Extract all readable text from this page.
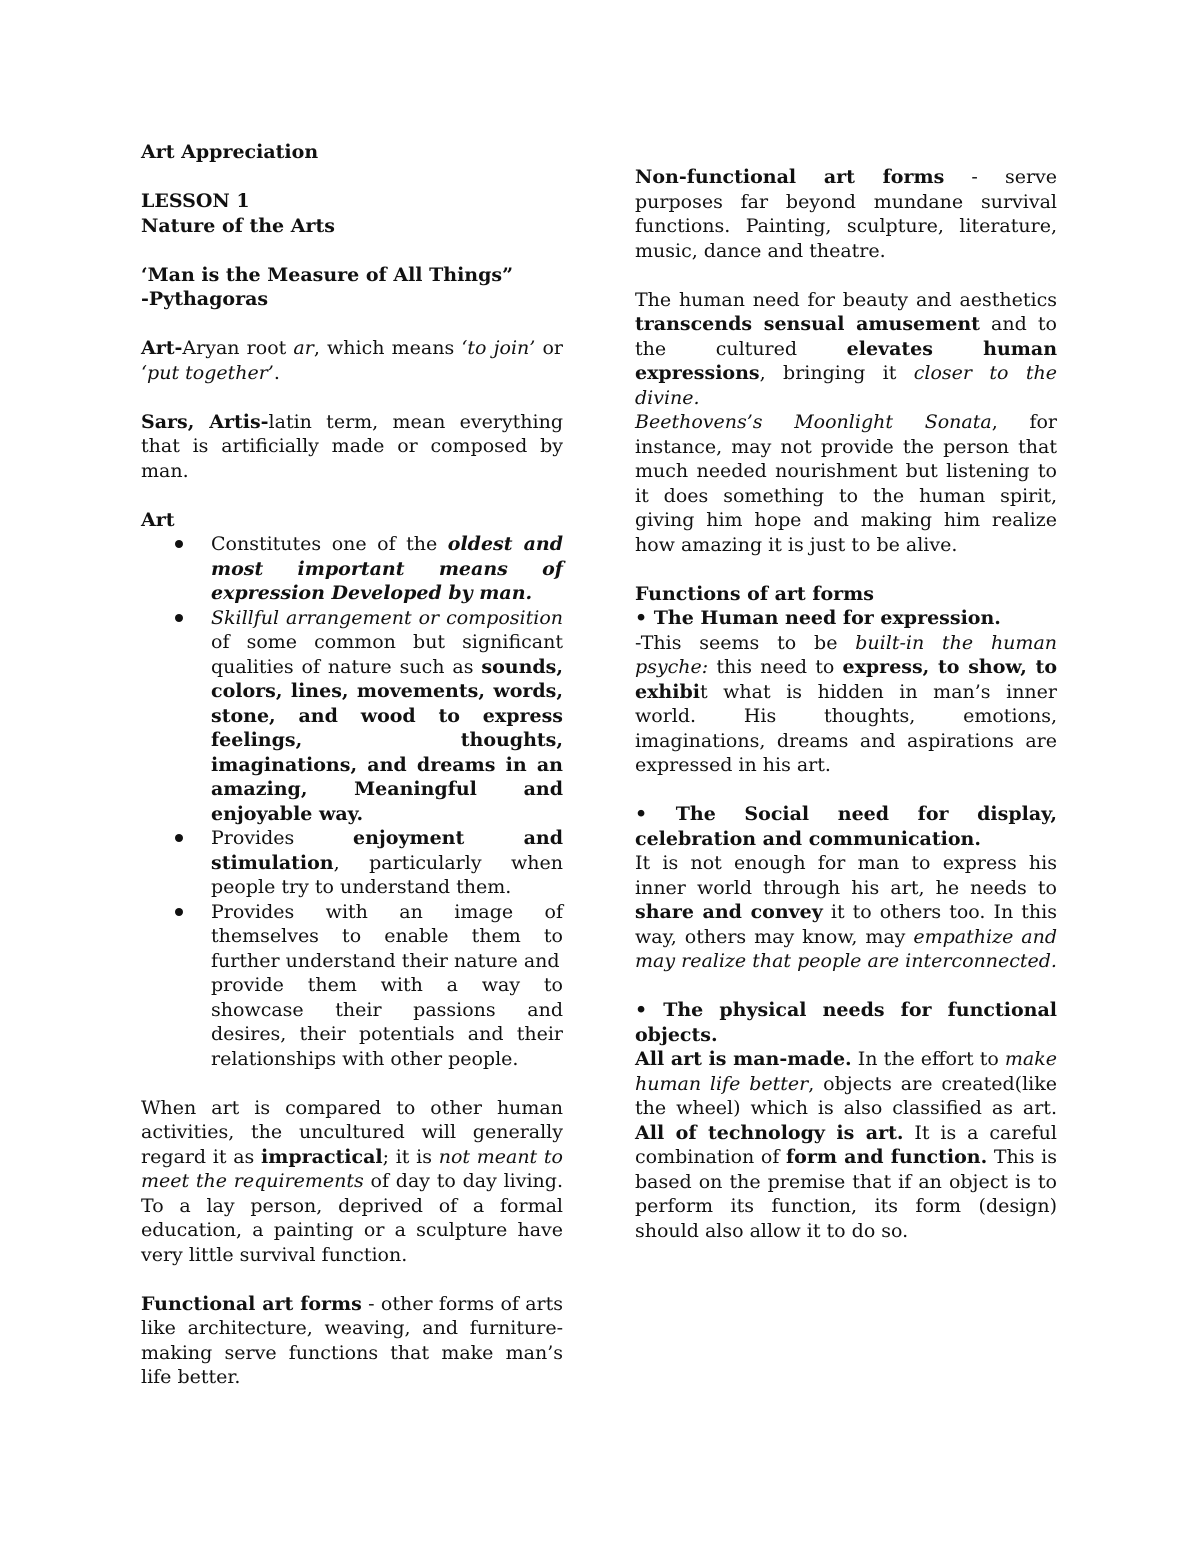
Art Appreciation

LESSON 1

Nature of the Arts

‘Man is the Measure of All Things”

-Pythagoras

Art-Aryan root ar, which means ‘to join’ or ‘put together’.

Sars, Artis-latin term, mean everything that is artificially made or composed by man.

Art

Constitutes one of the oldest and most important means of expression Developed by man.
Skillful arrangement or composition of some common but significant qualities of nature such as sounds, colors, lines, movements, words, stone, and wood to express feelings, thoughts, imaginations, and dreams in an amazing, Meaningful and enjoyable way.
Provides enjoyment and stimulation, particularly when people try to understand them.
Provides with an image of themselves to enable them to further understand their nature and
provide them with a way to showcase their passions and desires, their potentials and their relationships with other people.

When art is compared to other human activities, the uncultured will generally regard it as impractical; it is not meant to meet the requirements of day to day living. To a lay person, deprived of a formal education, a painting or a sculpture have very little survival function.

Functional art forms - other forms of arts like architecture, weaving, and furniture-making serve functions that make man’s life better.

Non-functional art forms - serve purposes far beyond mundane survival functions. Painting, sculpture, literature, music, dance and theatre.

The human need for beauty and aesthetics transcends sensual amusement and to the cultured elevates human expressions, bringing it closer to the divine.

Beethovens’s Moonlight Sonata, for instance, may not provide the person that much needed nourishment but listening to it does something to the human spirit, giving him hope and making him realize how amazing it is just to be alive.

Functions of art forms

• The Human need for expression.

-This seems to be built-in the human psyche: this need to express, to show, to exhibit what is hidden in man’s inner world. His thoughts, emotions, imaginations, dreams and aspirations are expressed in his art.

• The Social need for display, celebration and communication.

It is not enough for man to express his inner world through his art, he needs to share and convey it to others too. In this way, others may know, may empathize and may realize that people are interconnected.

• The physical needs for functional objects.

All art is man-made. In the effort to make human life better, objects are created(like the wheel) which is also classified as art. All of technology is art. It is a careful combination of form and function. This is based on the premise that if an object is to perform its function, its form (design) should also allow it to do so.
